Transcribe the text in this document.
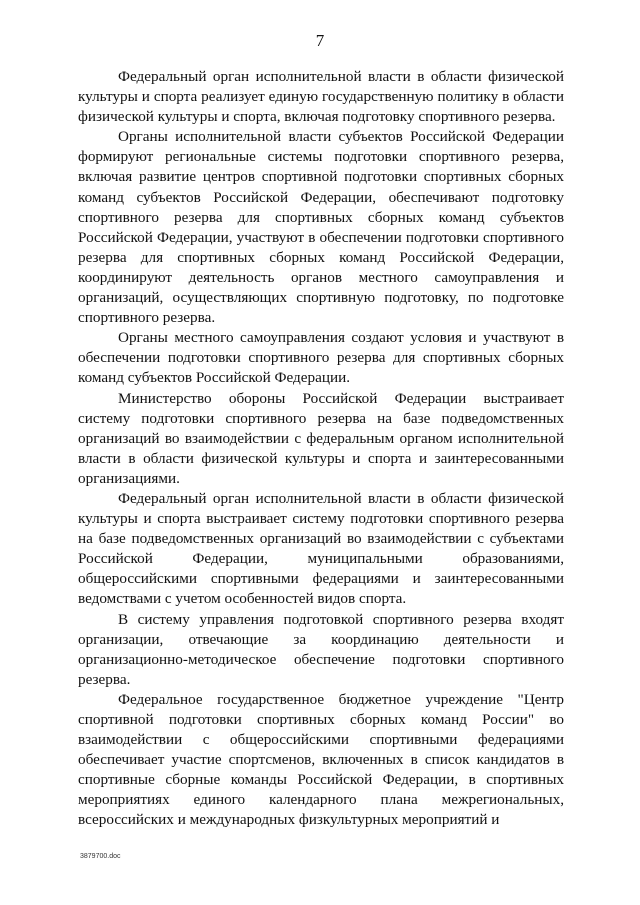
7

Федеральный орган исполнительной власти в области физической культуры и спорта реализует единую государственную политику в области физической культуры и спорта, включая подготовку спортивного резерва.

Органы исполнительной власти субъектов Российской Федерации формируют региональные системы подготовки спортивного резерва, включая развитие центров спортивной подготовки спортивных сборных команд субъектов Российской Федерации, обеспечивают подготовку спортивного резерва для спортивных сборных команд субъектов Российской Федерации, участвуют в обеспечении подготовки спортивного резерва для спортивных сборных команд Российской Федерации, координируют деятельность органов местного самоуправления и организаций, осуществляющих спортивную подготовку, по подготовке спортивного резерва.

Органы местного самоуправления создают условия и участвуют в обеспечении подготовки спортивного резерва для спортивных сборных команд субъектов Российской Федерации.

Министерство обороны Российской Федерации выстраивает систему подготовки спортивного резерва на базе подведомственных организаций во взаимодействии с федеральным органом исполнительной власти в области физической культуры и спорта и заинтересованными организациями.

Федеральный орган исполнительной власти в области физической культуры и спорта выстраивает систему подготовки спортивного резерва на базе подведомственных организаций во взаимодействии с субъектами Российской Федерации, муниципальными образованиями, общероссийскими спортивными федерациями и заинтересованными ведомствами с учетом особенностей видов спорта.

В систему управления подготовкой спортивного резерва входят организации, отвечающие за координацию деятельности и организационно-методическое обеспечение подготовки спортивного резерва.

Федеральное государственное бюджетное учреждение "Центр спортивной подготовки спортивных сборных команд России" во взаимодействии с общероссийскими спортивными федерациями обеспечивает участие спортсменов, включенных в список кандидатов в спортивные сборные команды Российской Федерации, в спортивных мероприятиях единого календарного плана межрегиональных, всероссийских и международных физкультурных мероприятий и

3879700.doc
